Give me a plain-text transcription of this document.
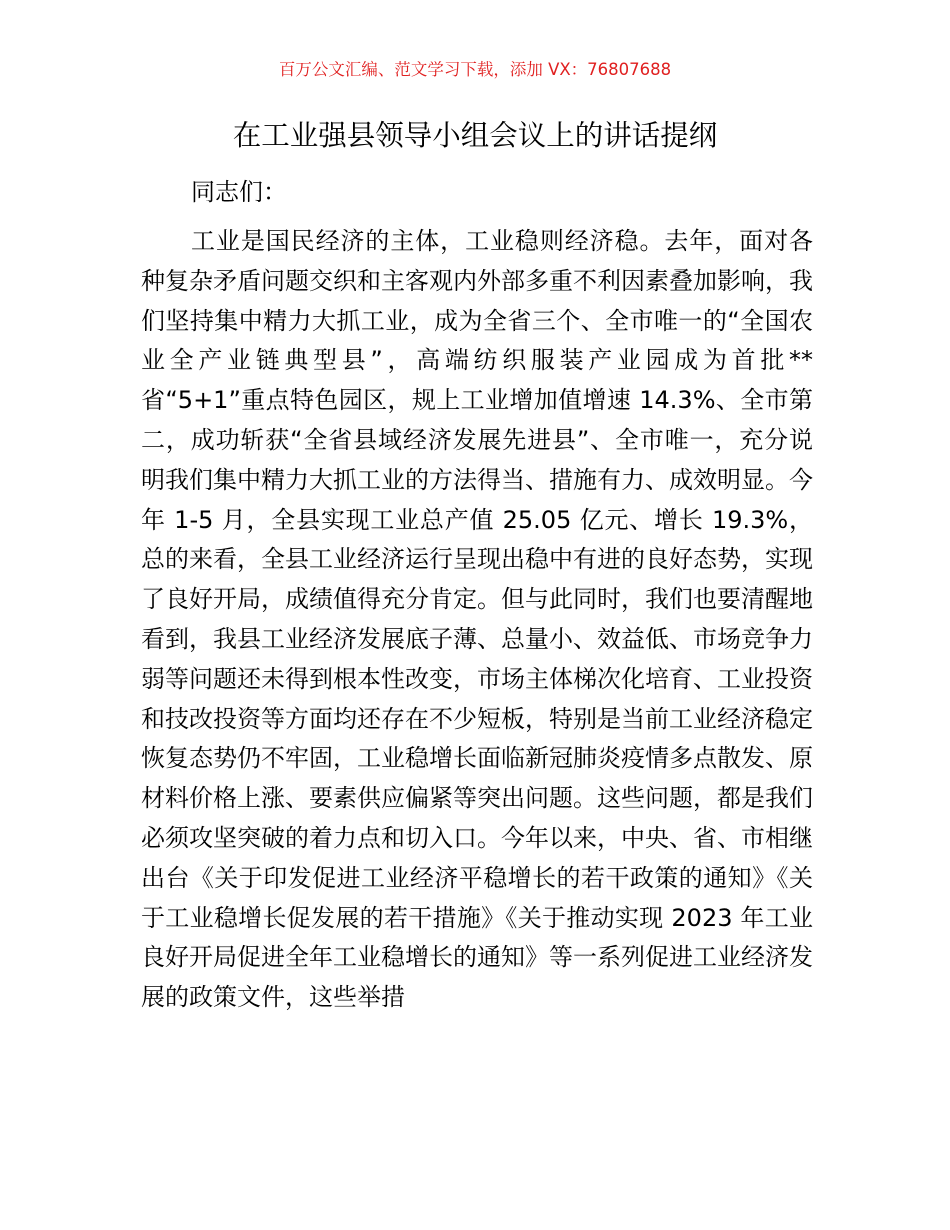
百万公文汇编、范文学习下载，添加 VX：76807688
在工业强县领导小组会议上的讲话提纲
同志们：

工业是国民经济的主体，工业稳则经济稳。去年，面对各种复杂矛盾问题交织和主客观内外部多重不利因素叠加影响，我们坚持集中精力大抓工业，成为全省三个、全市唯一的“全国农业全产业链典型县”，高端纺织服装产业园成为首批**省“5+1”重点特色园区，规上工业增加值增速 14.3%、全市第二，成功斩获“全省县域经济发展先进县”、全市唯一，充分说明我们集中精力大抓工业的方法得当、措施有力、成效明显。今年 1-5 月，全县实现工业总产值 25.05 亿元、增长 19.3%，总的来看，全县工业经济运行呈现出稳中有进的良好态势，实现了良好开局，成绩值得充分肯定。但与此同时，我们也要清醒地看到，我县工业经济发展底子薄、总量小、效益低、市场竞争力弱等问题还未得到根本性改变，市场主体梯次化培育、工业投资和技改投资等方面均还存在不少短板，特别是当前工业经济稳定恢复态势仍不牢固，工业稳增长面临新冠肺炎疫情多点散发、原材料价格上涨、要素供应偏紧等突出问题。这些问题，都是我们必须攻坚突破的着力点和切入口。今年以来，中央、省、市相继出台《关于印发促进工业经济平稳增长的若干政策的通知》《关于工业稳增长促发展的若干措施》《关于推动实现 2023 年工业良好开局促进全年工业稳增长的通知》等一系列促进工业经济发展的政策文件，这些举措
